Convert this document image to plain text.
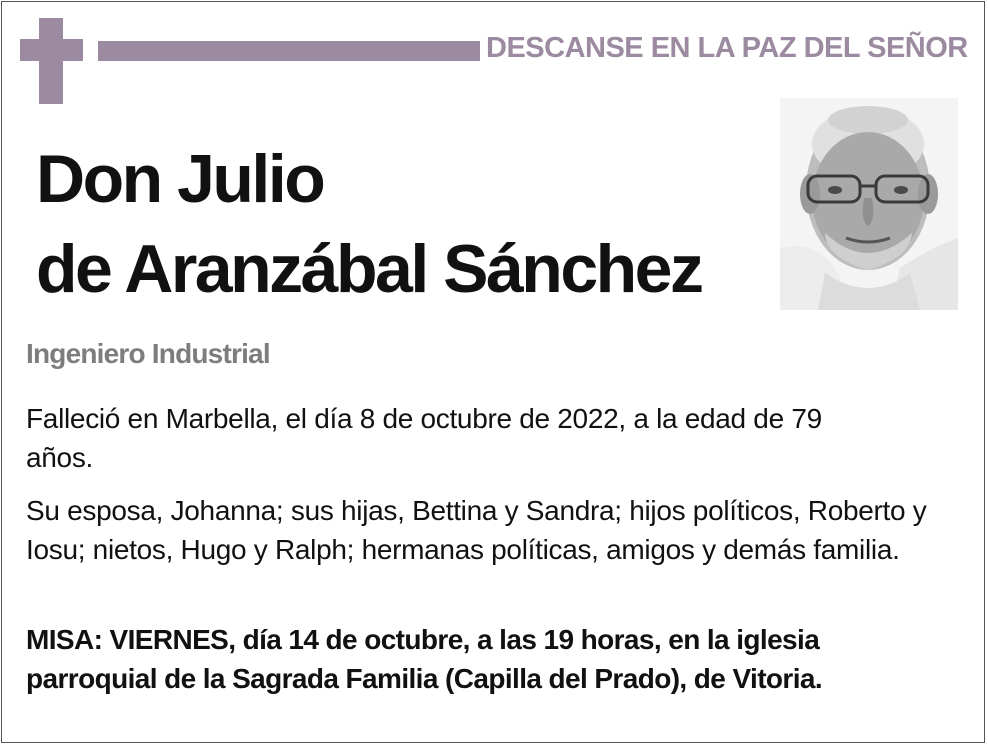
DESCANSE EN LA PAZ DEL SEÑOR
Don Julio
de Aranzábal Sánchez
Ingeniero Industrial
Falleció en Marbella, el día 8 de octubre de 2022, a la edad de 79 años.
Su esposa, Johanna; sus hijas, Bettina y Sandra; hijos políticos, Roberto y Iosu; nietos, Hugo y Ralph; hermanas políticas, amigos y demás familia.
MISA: VIERNES, día 14 de octubre, a las 19 horas, en la iglesia parroquial de la Sagrada Familia (Capilla del Prado), de Vitoria.
